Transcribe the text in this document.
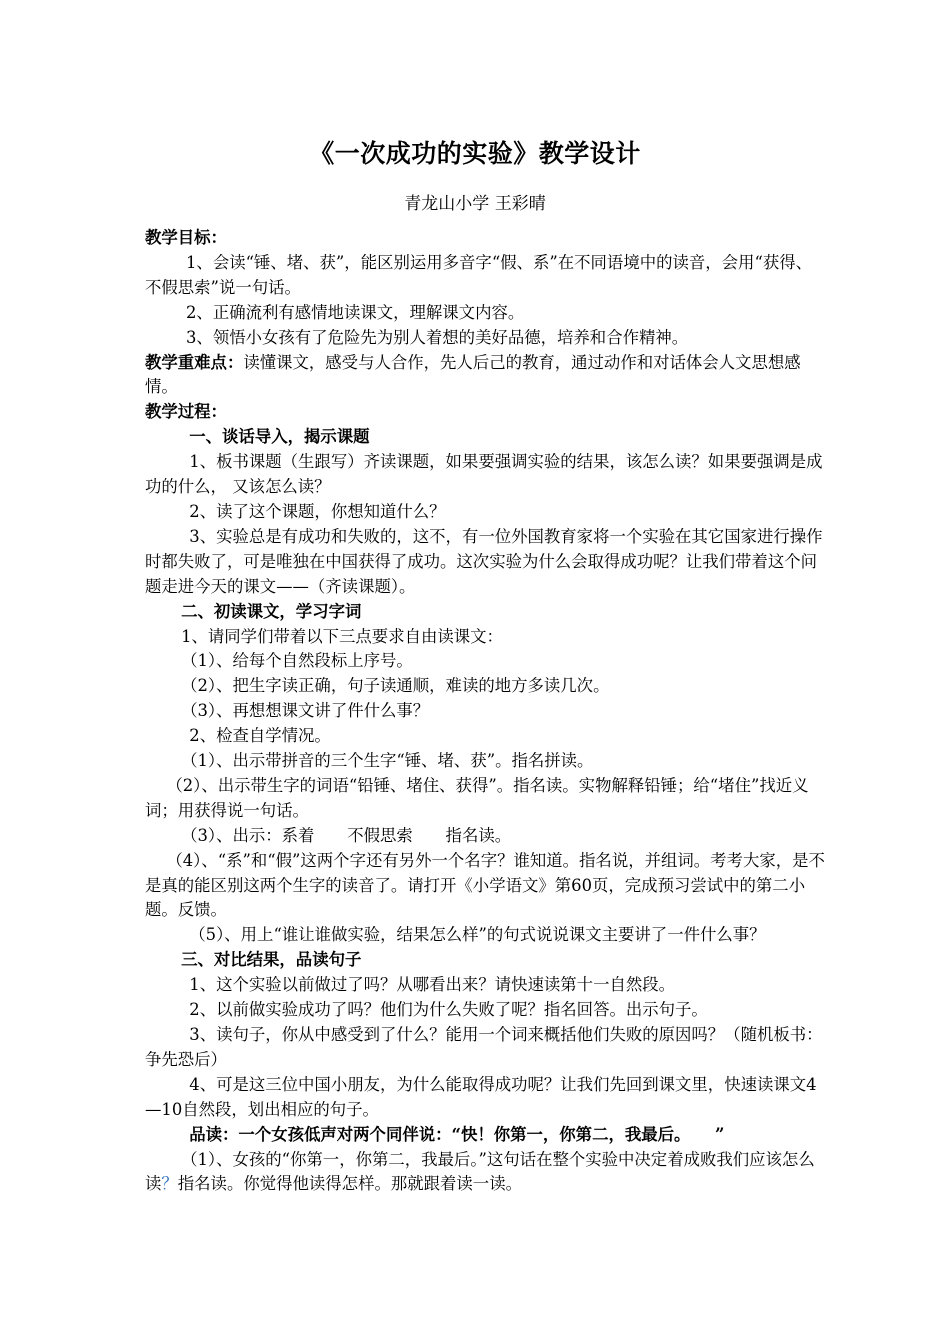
《一次成功的实验》教学设计
青龙山小学 王彩晴

教学目标：

1、会读“锤、堵、获”，能区别运用多音字“假、系”在不同语境中的读音，会用“获得、不假思索”说一句话。

2、正确流利有感情地读课文，理解课文内容。

3、领悟小女孩有了危险先为别人着想的美好品德，培养和合作精神。

教学重难点：读懂课文，感受与人合作，先人后己的教育，通过动作和对话体会人文思想感情。

教学过程：

一、谈话导入，揭示课题

1、板书课题（生跟写）齐读课题，如果要强调实验的结果，该怎么读？如果要强调是成功的什么， 又该怎么读？

2、读了这个课题，你想知道什么？

3、实验总是有成功和失败的，这不，有一位外国教育家将一个实验在其它国家进行操作时都失败了，可是唯独在中国获得了成功。这次实验为什么会取得成功呢？让我们带着这个问题走进今天的课文——（齐读课题）。

二、初读课文，学习字词

1、请同学们带着以下三点要求自由读课文：

（1）、给每个自然段标上序号。

（2）、把生字读正确，句子读通顺，难读的地方多读几次。

（3）、再想想课文讲了件什么事？

2、检查自学情况。

（1）、出示带拼音的三个生字“锤、堵、获”。指名拼读。

（2）、出示带生字的词语“铅锤、堵住、获得”。指名读。实物解释铅锤；给“堵住”找近义词；用获得说一句话。

（3）、出示：系着　　不假思索　　指名读。

（4）、“系”和“假”这两个字还有另外一个名字？谁知道。指名说，并组词。考考大家，是不是真的能区别这两个生字的读音了。请打开《小学语文》第60页，完成预习尝试中的第二小题。反馈。

（5）、用上“谁让谁做实验，结果怎么样”的句式说说课文主要讲了一件什么事？

三、对比结果，品读句子

1、这个实验以前做过了吗？从哪看出来？请快速读第十一自然段。

2、以前做实验成功了吗？他们为什么失败了呢？指名回答。出示句子。

3、读句子，你从中感受到了什么？能用一个词来概括他们失败的原因吗？（随机板书：争先恐后）

4、可是这三位中国小朋友，为什么能取得成功呢？让我们先回到课文里，快速读课文4—10自然段，划出相应的句子。

品读：一个女孩低声对两个同伴说：“快！你第一，你第二，我最后。　　”

（1）、女孩的“你第一，你第二，我最后。”这句话在整个实验中决定着成败我们应该怎么读？指名读。你觉得他读得怎样。那就跟着读一读。
